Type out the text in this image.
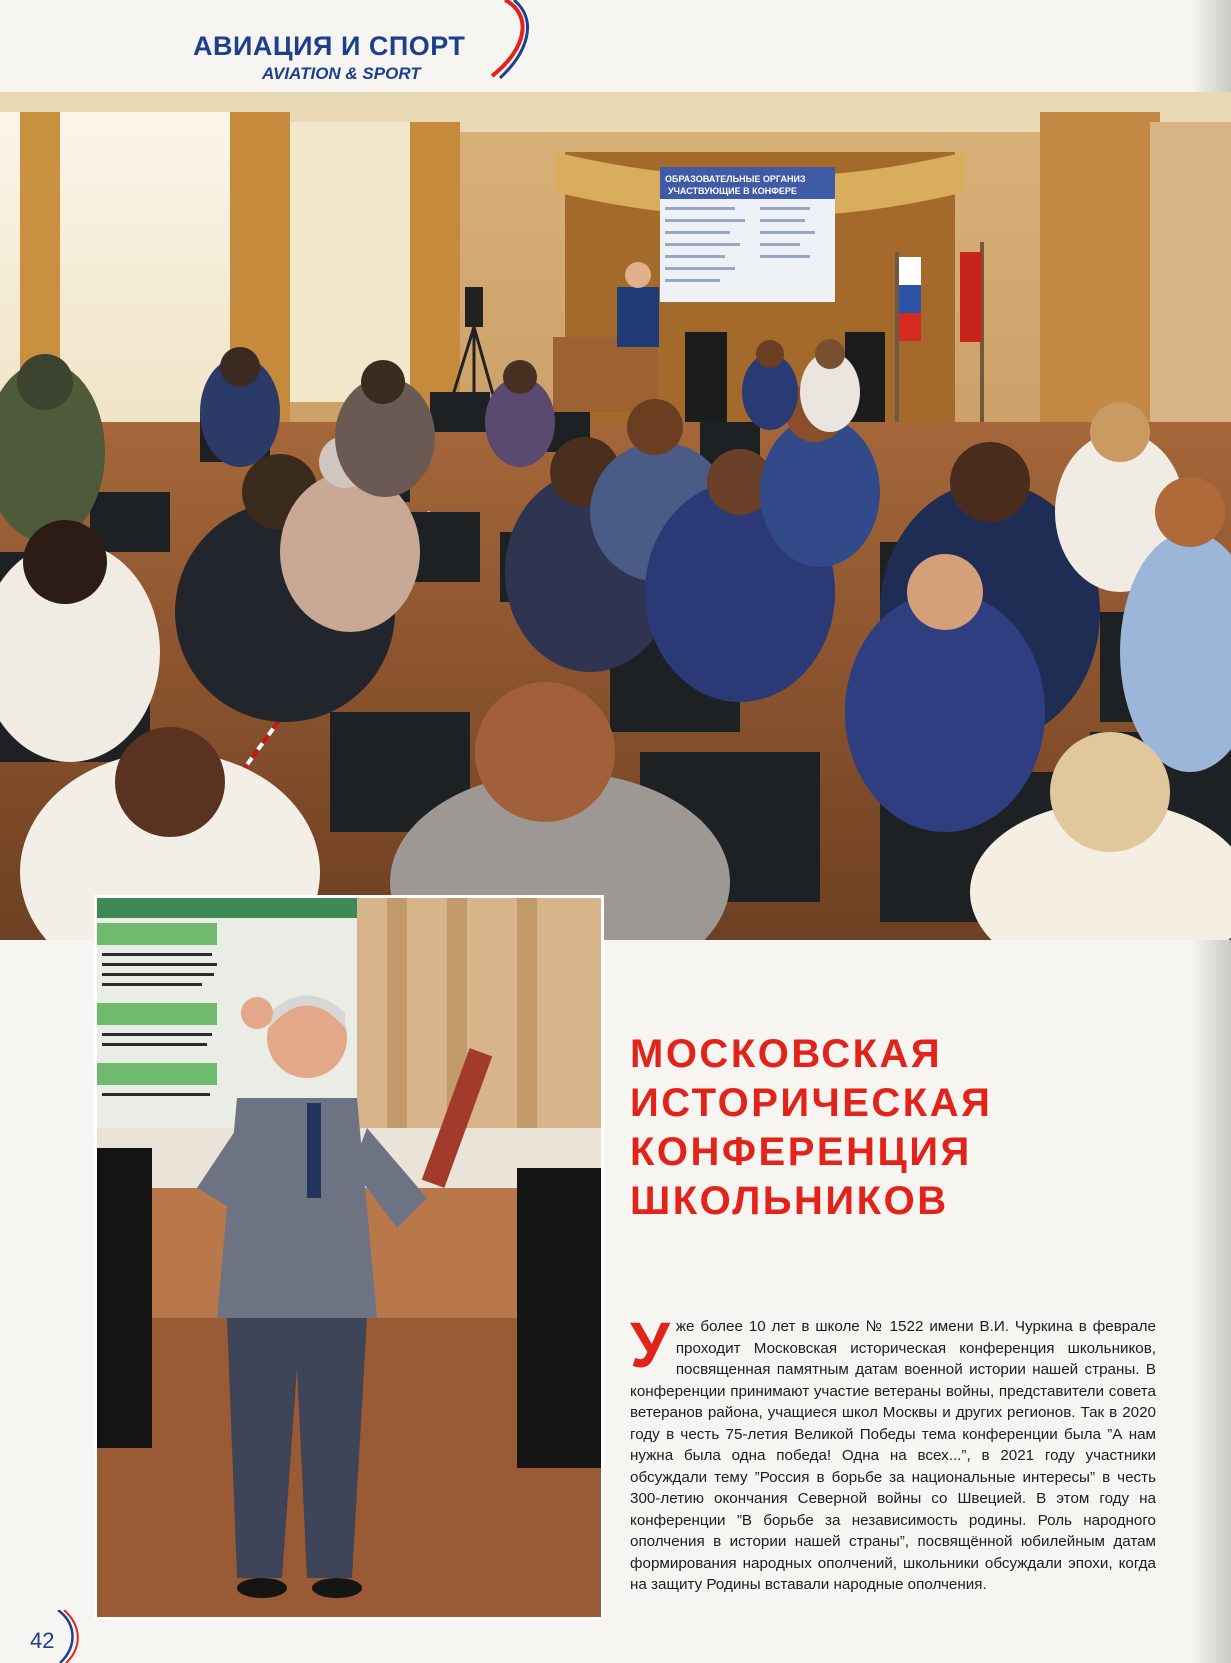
АВИАЦИЯ И СПОРТ
AVIATION & SPORT
ОБРАЗОВАТЕЛЬНЫЕ ОРГАНИЗ
УЧАСТВУЮЩИЕ В КОНФЕРЕ
МОСКОВСКАЯ
ИСТОРИЧЕСКАЯ
КОНФЕРЕНЦИЯ
ШКОЛЬНИКОВ

Уже более 10 лет в школе № 1522 имени В.И. Чуркина в феврале проходит Московская историческая конференция школьников, посвященная памятным датам военной истории нашей страны. В конференции принимают участие ветераны войны, представители совета ветеранов района, учащиеся школ Москвы и других регионов. Так в 2020 году в честь 75-летия Великой Победы тема конференции была ”А нам нужна была одна победа! Одна на всех...”, в 2021 году участники обсуждали тему ”Россия в борьбе за национальные интересы” в честь 300-летию окончания Северной войны со Швецией. В этом году на конференции ”В борьбе за независимость родины. Роль народного ополчения в истории нашей страны”, посвящённой юбилейным датам формирования народных ополчений, школьники обсуждали эпохи, когда на защиту Родины вставали народные ополчения.

42
